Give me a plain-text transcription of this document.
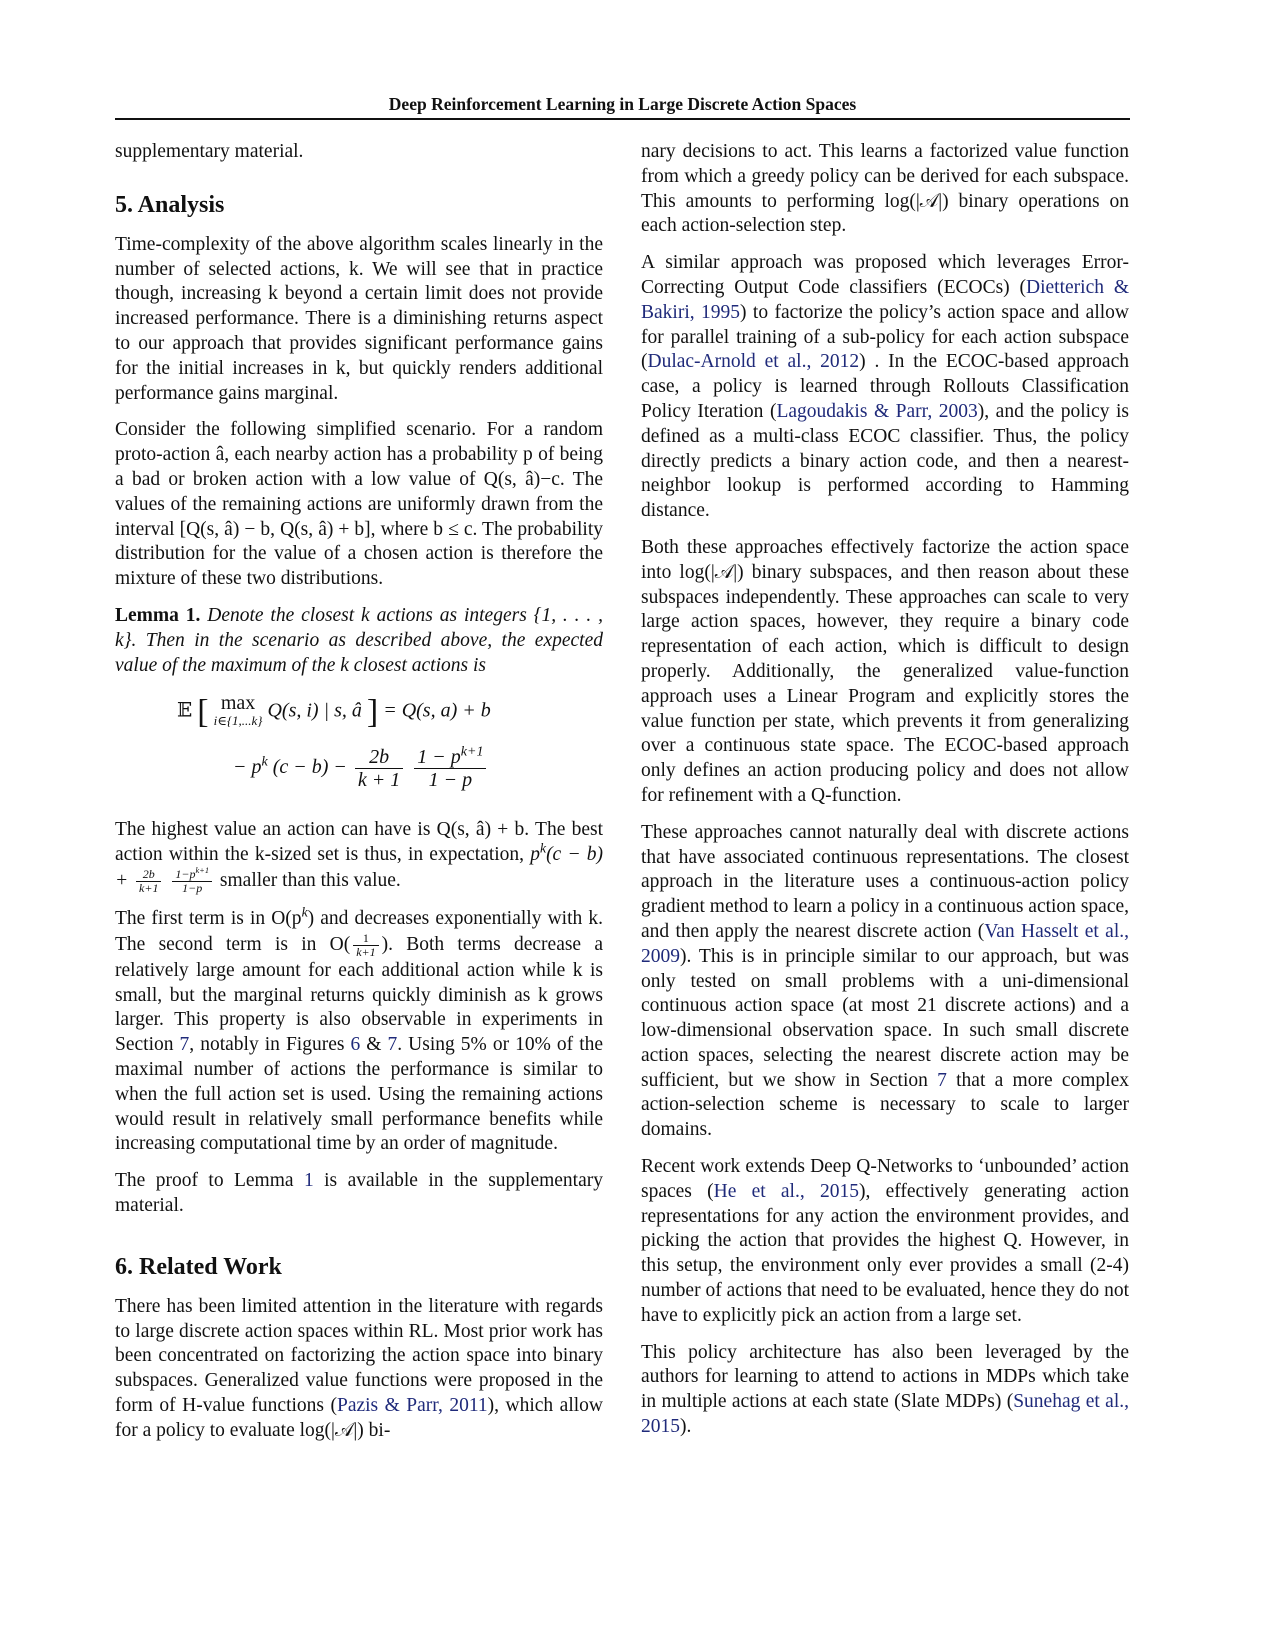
Deep Reinforcement Learning in Large Discrete Action Spaces

supplementary material.

5. Analysis

Time-complexity of the above algorithm scales linearly in the number of selected actions, k. We will see that in practice though, increasing k beyond a certain limit does not provide increased performance. There is a diminishing returns aspect to our approach that provides significant performance gains for the initial increases in k, but quickly renders additional performance gains marginal.

Consider the following simplified scenario. For a random proto-action â, each nearby action has a probability p of being a bad or broken action with a low value of Q(s, â)−c. The values of the remaining actions are uniformly drawn from the interval [Q(s, â) − b, Q(s, â) + b], where b ≤ c. The probability distribution for the value of a chosen action is therefore the mixture of these two distributions.

Lemma 1. Denote the closest k actions as integers {1, . . . , k}. Then in the scenario as described above, the expected value of the maximum of the k closest actions is

𝔼 [ max
i∈{1,...k} Q(s, i) | s, â ] = Q(s, a) + b
− $p^k$ $(c - b) - \frac{2b}{k + 1}$
$\frac{1 - p^{k+1}}{1 - p}$

The highest value an action can have is Q(s, â) + b. The best action within the k-sized set is thus, in expectation, $p^k(c - b) + \frac{2b}{k+1}$
$\frac{1-p^{k+1}}{1-p}$ smaller than this value.

The first term is in $O(p^k)$ and decreases exponentially with k. The second term is in $O( \frac{1}{k+1}$ ). Both terms decrease a relatively large amount for each additional action while k is small, but the marginal returns quickly diminish as k grows larger. This property is also observable in experiments in Section 7, notably in Figures 6 & 7. Using 5% or 10% of the maximal number of actions the performance is similar to when the full action set is used. Using the remaining actions would result in relatively small performance benefits while increasing computational time by an order of magnitude.

The proof to Lemma 1 is available in the supplementary material.

6. Related Work

There has been limited attention in the literature with regards to large discrete action spaces within RL. Most prior work has been concentrated on factorizing the action space into binary subspaces. Generalized value functions were proposed in the form of H-value functions (Pazis & Parr, 2011), which allow for a policy to evaluate log(|𝒜|) bi-

nary decisions to act. This learns a factorized value function from which a greedy policy can be derived for each subspace. This amounts to performing log(|𝒜|) binary operations on each action-selection step.

A similar approach was proposed which leverages Error-Correcting Output Code classifiers (ECOCs) (Dietterich & Bakiri, 1995) to factorize the policy’s action space and allow for parallel training of a sub-policy for each action subspace (Dulac-Arnold et al., 2012) . In the ECOC-based approach case, a policy is learned through Rollouts Classification Policy Iteration (Lagoudakis & Parr, 2003), and the policy is defined as a multi-class ECOC classifier. Thus, the policy directly predicts a binary action code, and then a nearest-neighbor lookup is performed according to Hamming distance.

Both these approaches effectively factorize the action space into log(|𝒜|) binary subspaces, and then reason about these subspaces independently. These approaches can scale to very large action spaces, however, they require a binary code representation of each action, which is difficult to design properly. Additionally, the generalized value-function approach uses a Linear Program and explicitly stores the value function per state, which prevents it from generalizing over a continuous state space. The ECOC-based approach only defines an action producing policy and does not allow for refinement with a Q-function.

These approaches cannot naturally deal with discrete actions that have associated continuous representations. The closest approach in the literature uses a continuous-action policy gradient method to learn a policy in a continuous action space, and then apply the nearest discrete action (Van Hasselt et al., 2009). This is in principle similar to our approach, but was only tested on small problems with a uni-dimensional continuous action space (at most 21 discrete actions) and a low-dimensional observation space. In such small discrete action spaces, selecting the nearest discrete action may be sufficient, but we show in Section 7 that a more complex action-selection scheme is necessary to scale to larger domains.

Recent work extends Deep Q-Networks to ‘unbounded’ action spaces (He et al., 2015), effectively generating action representations for any action the environment provides, and picking the action that provides the highest Q. However, in this setup, the environment only ever provides a small (2-4) number of actions that need to be evaluated, hence they do not have to explicitly pick an action from a large set.

This policy architecture has also been leveraged by the authors for learning to attend to actions in MDPs which take in multiple actions at each state (Slate MDPs) (Sunehag et al., 2015).
